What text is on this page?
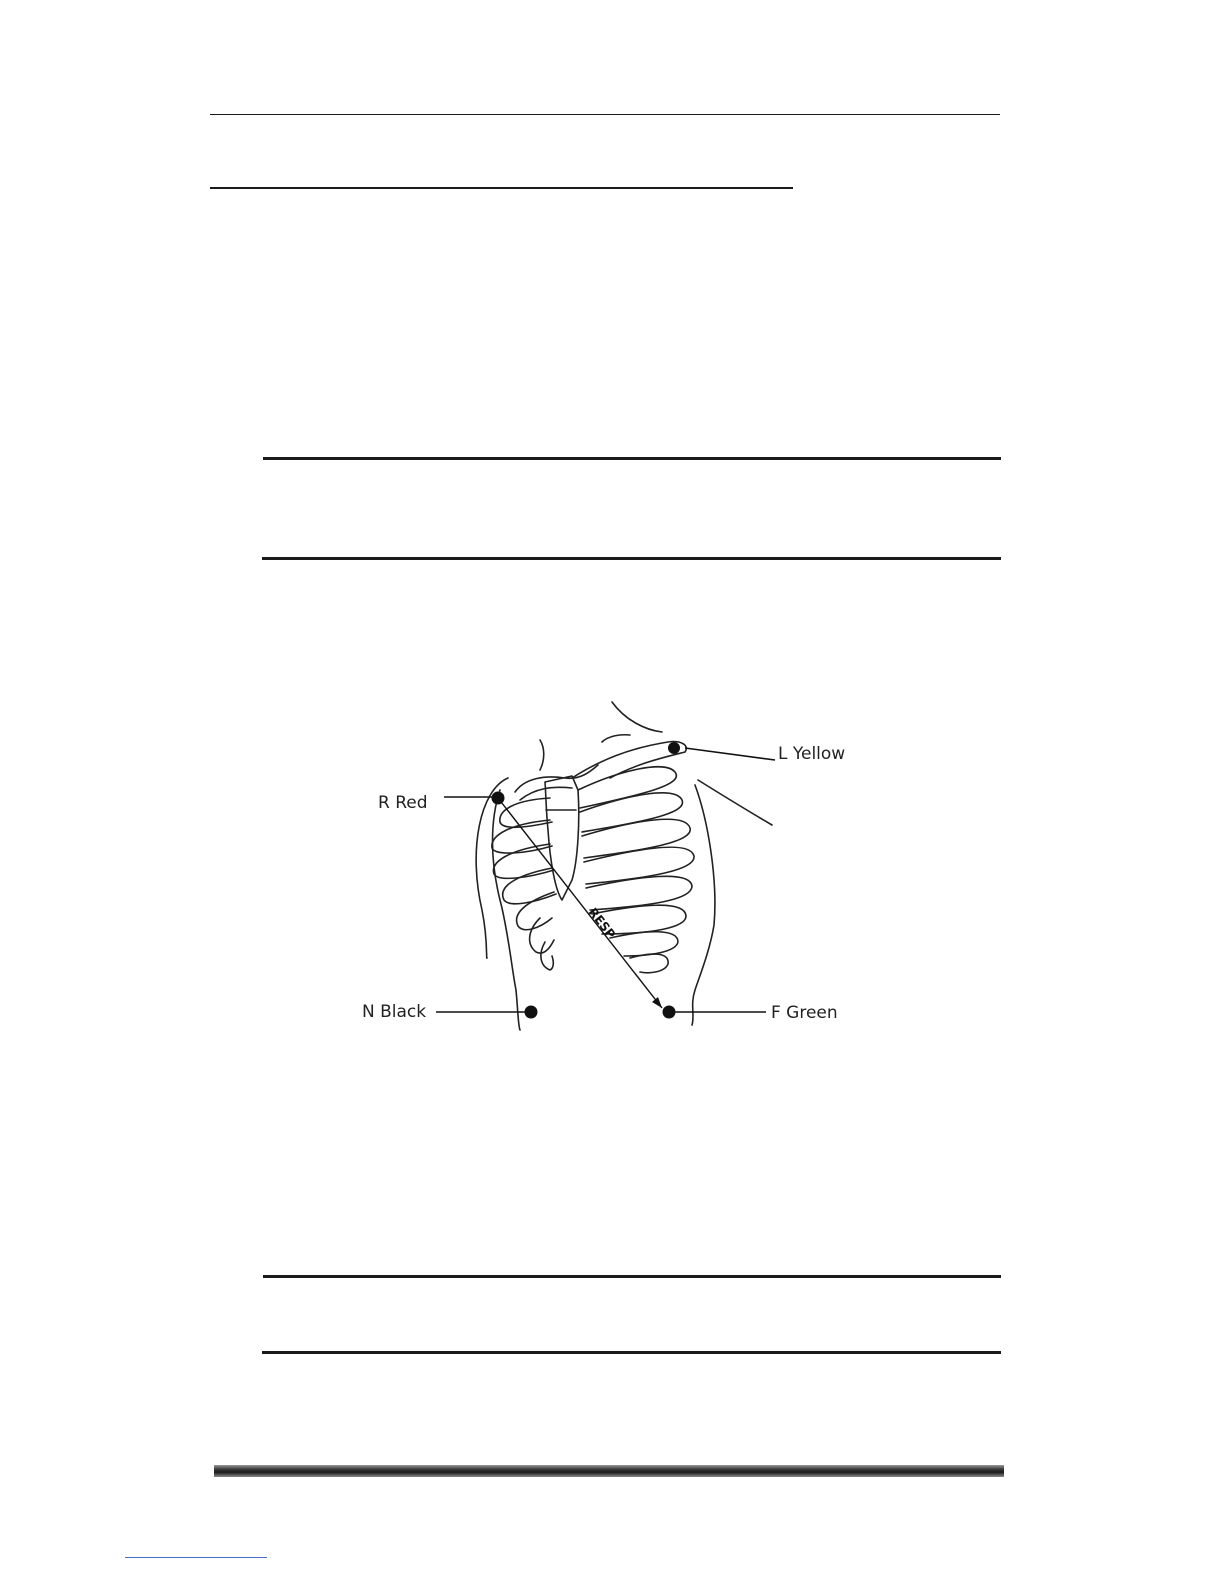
RESP
L Yellow
R Red
N Black	F Green
